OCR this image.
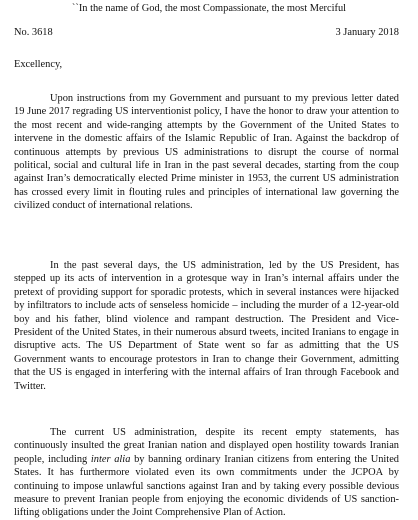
``In the name of God, the most Compassionate, the most Merciful
No. 3618	3 January 2018
Excellency,

Upon instructions from my Government and pursuant to my previous letter dated 19 June 2017 regrading US interventionist policy, I have the honor to draw your attention to the most recent and wide-ranging attempts by the Government of the United States to intervene in the domestic affairs of the Islamic Republic of Iran. Against the backdrop of continuous attempts by previous US administrations to disrupt the course of normal political, social and cultural life in Iran in the past several decades, starting from the coup against Iran’s democratically elected Prime minister in 1953, the current US administration has crossed every limit in flouting rules and principles of international law governing the civilized conduct of international relations.

In the past several days, the US administration, led by the US President, has stepped up its acts of intervention in a grotesque way in Iran’s internal affairs under the pretext of providing support for sporadic protests, which in several instances were hijacked by infiltrators to include acts of senseless homicide – including the murder of a 12-year-old boy and his father, blind violence and rampant destruction. The President and Vice-President of the United States, in their numerous absurd tweets, incited Iranians to engage in disruptive acts. The US Department of State went so far as admitting that the US Government wants to encourage protestors in Iran to change their Government, admitting that the US is engaged in interfering with the internal affairs of Iran through Facebook and Twitter.

The current US administration, despite its recent empty statements, has continuously insulted the great Iranian nation and displayed open hostility towards Iranian people, including inter alia by banning ordinary Iranian citizens from entering the United States. It has furthermore violated even its own commitments under the JCPOA by continuing to impose unlawful sanctions against Iran and by taking every possible devious measure to prevent Iranian people from enjoying the economic dividends of US sanction-lifting obligations under the Joint Comprehensive Plan of Action.
